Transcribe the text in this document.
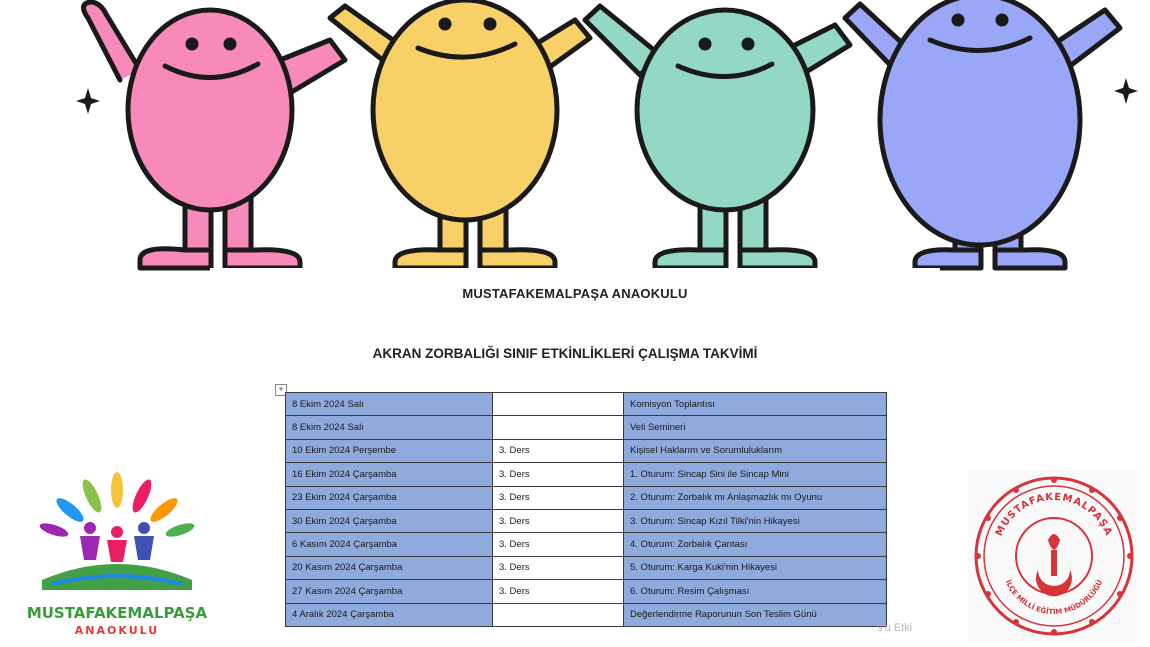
MUSTAFAKEMALPAŞA ANAOKULU
AKRAN ZORBALIĞI SINIF ETKİNLİKLERİ ÇALIŞMA TAKVİMİ
+
8 Ekim 2024 Salı		Komisyon Toplantısı
8 Ekim 2024 Salı		Veli Semineri
10 Ekim 2024 Perşembe	3. Ders	Kişisel Haklarım ve Sorumluluklarım
16 Ekim 2024 Çarşamba	3. Ders	1. Oturum: Sincap Sini ile Sincap Mini
23 Ekim 2024 Çarşamba	3. Ders	2. Oturum: Zorbalık mı Anlaşmazlık mı Oyunu
30 Ekim 2024 Çarşamba	3. Ders	3. Oturum: Sincap Kızıl Tilki'nin Hikayesi
6 Kasım 2024 Çarşamba	3. Ders	4. Oturum: Zorbalık Çantası
20 Kasım 2024 Çarşamba	3. Ders	5. Oturum: Karga Kuki'nin Hikayesi
27 Kasım 2024 Çarşamba	3. Ders	6. Oturum: Resim Çalışması
4 Aralık 2024 Çarşamba		Değerlendirme Raporunun Son Teslim Günü
s'u Etki
MUSTAFAKEMALPAŞA
ANAOKULU
MUSTAFAKEMALPAŞA
İLÇE MİLLİ EĞİTİM MÜDÜRLÜĞÜ
